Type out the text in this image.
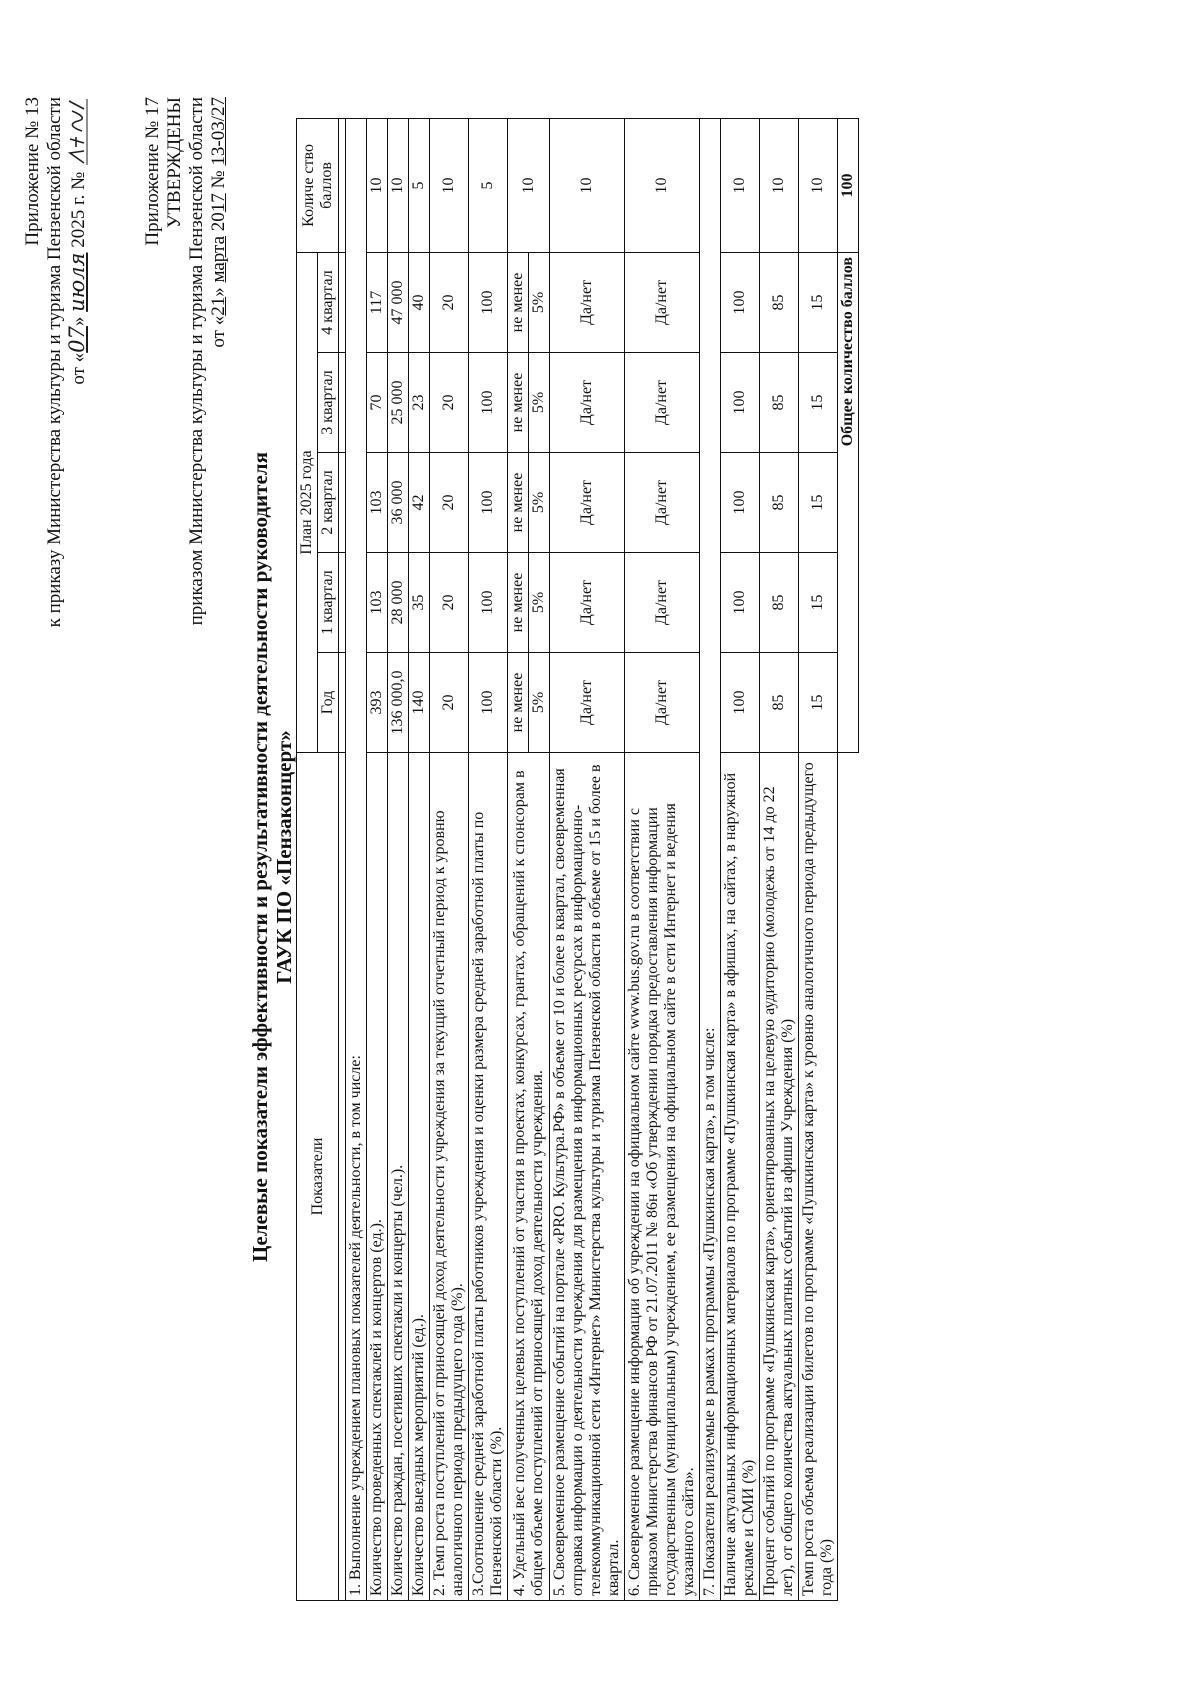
Приложение № 13 к приказу Министерства культуры и туризма Пензенской области от «07» июля 2025 г. №	Приложение № 17 УТВЕРЖДЕНЫ приказом Министерства культуры и туризма Пензенской области от «21» марта 2017 № 13-03/27
Целевые показатели эффективности и результативности деятельности руководителя ГАУК ПО «Пензаконцерт»
Показатели	План 2025 года					Количе ство баллов
	Год	1 квартал	2 квартал	3 квартал	4 квартал	

1. Выполнение учреждением плановых показателей деятельности, в том числе:						
Количество проведенных спектаклей и концертов (ед.).	393	103	103	70	117	10
Количество граждан, посетивших спектакли и концерты (чел.).	136 000,0	28 000	36 000	25 000	47 000	10
Количество выездных мероприятий (ед.).	140	35	42	23	40	5
2. Темп роста поступлений от приносящей доход деятельности учреждения за текущий отчетный период к уровню аналогичного периода предыдущего года (%).	20	20	20	20	20	10
3.Соотношение средней заработной платы работников учреждения и оценки размера средней заработной платы по Пензенской области (%).	100	100	100	100	100	5
4. Удельный вес полученных целевых поступлений от участия в проектах, конкурсах, грантах, обращений к спонсорам в общем объеме поступлений от приносящей доход деятельности учреждения.	не менее	не менее	не менее	не менее	не менее	10
	5%	5%	5%	5%	5%	
5. Своевременное размещение событий на портале «PRO. Культура.РФ» в объеме от 10 и более в квартал, своевременная отправка информации о деятельности учреждения для размещения в информационных ресурсах в информационно-телекоммуникационной сети «Интернет» Министерства культуры и туризма Пензенской области в объеме от 15 и более в квартал.	Да/нет	Да/нет	Да/нет	Да/нет	Да/нет	10
6. Своевременное размещение информации об учреждении на официальном сайте www.bus.gov.ru в соответствии с приказом Министерства финансов РФ от 21.07.2011 № 86н «Об утверждении порядка предоставления информации государственным (муниципальным) учреждением, ее размещения на официальном сайте в сети Интернет и ведения указанного сайта».	Да/нет	Да/нет	Да/нет	Да/нет	Да/нет	10
7. Показатели реализуемые в рамках программы «Пушкинская карта», в том числе:						
Наличие актуальных информационных материалов по программе «Пушкинская карта» в афишах, на сайтах, в наружной рекламе и СМИ (%)	100	100	100	100	100	10
Процент событий по программе «Пушкинская карта», ориентированных на целевую аудиторию (молодежь от 14 до 22 лет), от общего количества актуальных платных событий из афиши Учреждения (%)	85	85	85	85	85	10
Темп роста объема реализации билетов по программе «Пушкинская карта» к уровню аналогичного периода предыдущего года (%)	15	15	15	15	15	10
	Общее количество баллов					100
